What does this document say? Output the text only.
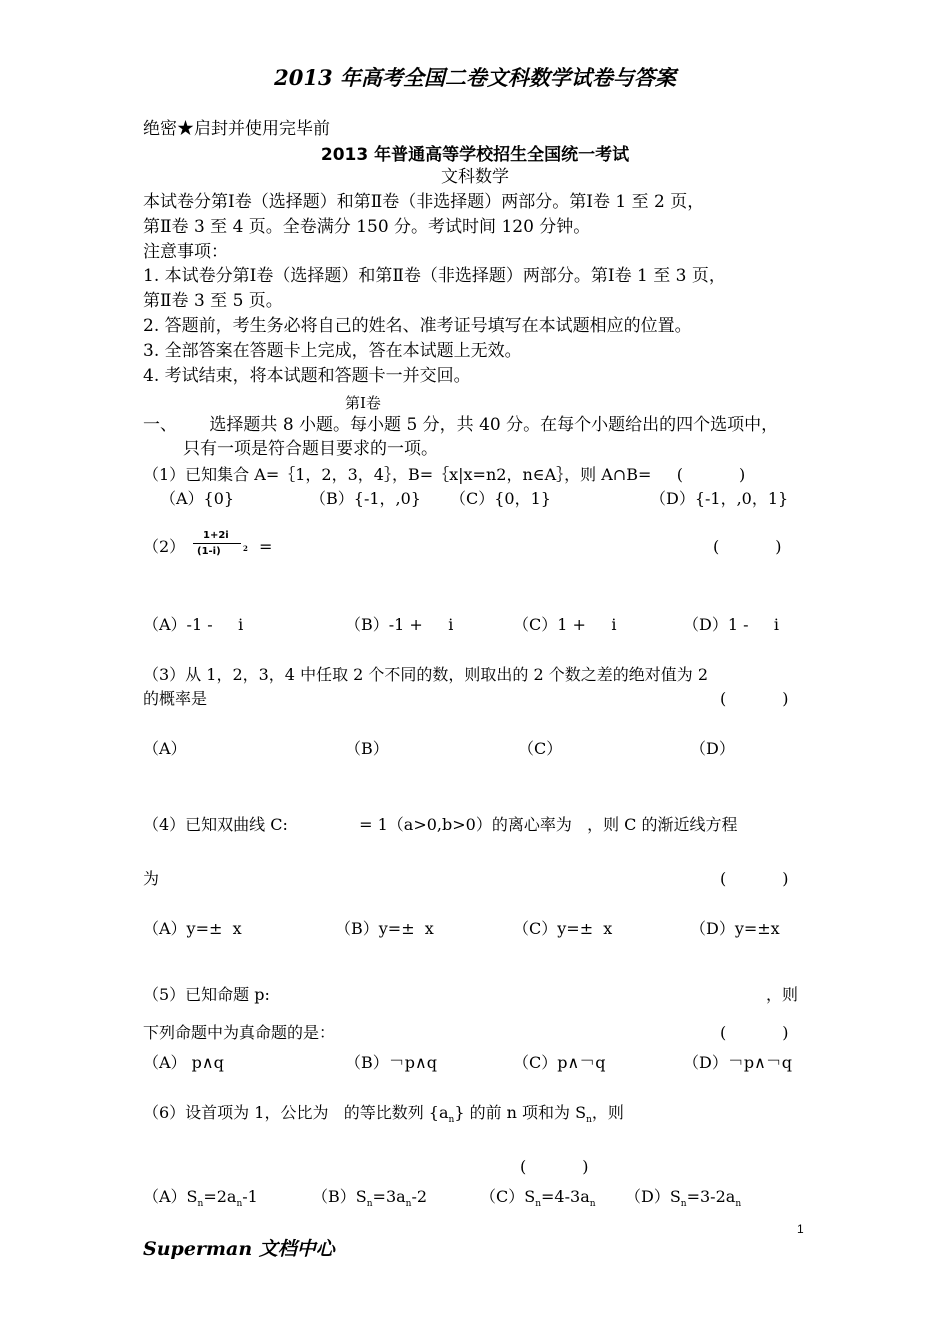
2013 年高考全国二卷文科数学试卷与答案
绝密★启封并使用完毕前
2013 年普通高等学校招生全国统一考试
文科数学
本试卷分第Ⅰ卷（选择题）和第Ⅱ卷（非选择题）两部分。第Ⅰ卷 1 至 2 页，
第Ⅱ卷 3 至 4 页。全卷满分 150 分。考试时间 120 分钟。
注意事项：
1. 本试卷分第Ⅰ卷（选择题）和第Ⅱ卷（非选择题）两部分。第Ⅰ卷 1 至 3 页，
第Ⅱ卷 3 至 5 页。
2. 答题前，考生务必将自己的姓名、准考证号填写在本试题相应的位置。
3. 全部答案在答题卡上完成，答在本试题上无效。
4. 考试结束，将本试题和答题卡一并交回。
第Ⅰ卷
一、      选择题共 8 小题。每小题 5 分，共 40 分。在每个小题给出的四个选项中，
只有一项是符合题目要求的一项。
（1）已知集合 A=｛1，2，3，4｝，B=｛x|x=n2，n∈A｝，则 A∩B=     (           )
（A）{0}	（B）{-1，,0} （C）{0，1}	（D）{-1，,0，1}
（2）
1+2i
(1-i)	2 =	(           )
（A）-1 -     i	（B）-1 +     i	（C）1 +     i	（D）1 -     i
（3）从 1，2，3，4 中任取 2 个不同的数，则取出的 2 个数之差的绝对值为 2
的概率是	(           )
（A）	（B）	（C）	（D）
（4）已知双曲线 C:              = 1（a>0,b>0）的离心率为   ，则 C 的渐近线方程
为	(           )
（A）y=±  x	（B）y=±  x	（C）y=±  x	（D）y=±x
（5）已知命题 p:	，则
下列命题中为真命题的是：	(           )
（A） p∧q	（B）￢p∧q	（C）p∧￢q	（D）￢p∧￢q
（6）设首项为 1，公比为   的等比数列 $\{a_n\}$ 的前 n 项和为 $S_n$，则
(           )
$(A)S_n=2a_n-1$	$(B)S_n=3a_n-2$	$(C)S_n=4-3a_n$ $(D)S_n=3-2a_n$
1
Superman 文档中心
